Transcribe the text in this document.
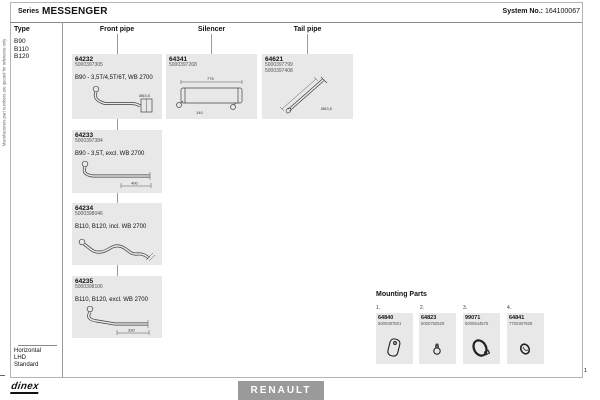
Manufacturers part numbers are quoted for reference only
Series MESSENGER	System No.: 164100067
Type
B90
B110
B120
Front pipe	Silencer	Tail pipe
64232
5000397305
B90 - 3,5T/4,5T/6T, WB 2700
Ø63,5
64233
5000397384
B90 - 3,5T, excl. WB 2700
400
64234
5000398046
B110, B120, incl. WB 2700
64235
5000398106
B110, B120, excl. WB 2700
330
64341
5000397268
775
140
64621
5000397799
5000397408
Ø63,5
Mounting Parts
1.	2.	3.	4.
64840
5000397801
64823
5000750529
99071
5000544575
64841
7700307928
Horizontal
LHD
Standard
dinex	RENAULT
1
